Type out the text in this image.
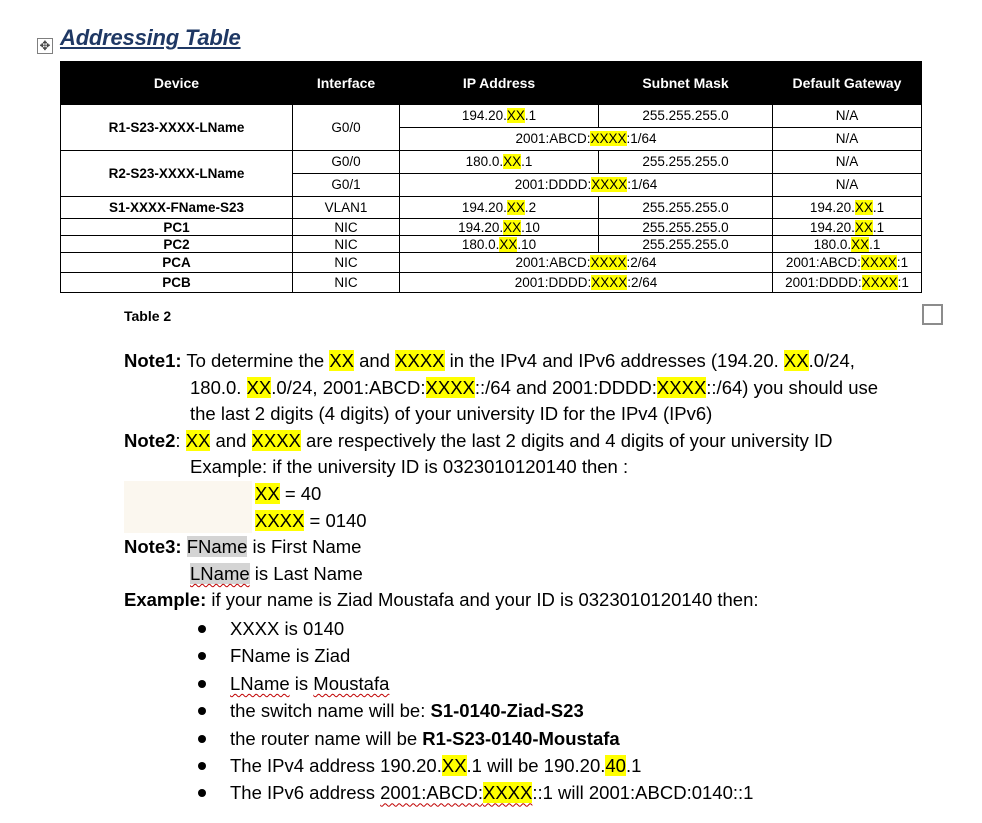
✥ Addressing Table
Device	Interface	IP Address	Subnet Mask	Default Gateway
R1-S23-XXXX-LName	G0/0	194.20.XX.1	255.255.255.0	N/A
		2001:ABCD:XXXX:1/64		N/A
R2-S23-XXXX-LName	G0/0	180.0.XX.1	255.255.255.0	N/A
	G0/1	2001:DDDD:XXXX:1/64		N/A
S1-XXXX-FName-S23	VLAN1	194.20.XX.2	255.255.255.0	194.20.XX.1
PC1	NIC	194.20.XX.10	255.255.255.0	194.20.XX.1
PC2	NIC	180.0.XX.10	255.255.255.0	180.0.XX.1
PCA	NIC	2001:ABCD:XXXX:2/64		2001:ABCD:XXXX:1
PCB	NIC	2001:DDDD:XXXX:2/64		2001:DDDD:XXXX:1
Table 2
Note1: To determine the XX and XXXX in the IPv4 and IPv6 addresses (194.20. XX.0/24,
180.0. XX.0/24, 2001:ABCD:XXXX::/64 and 2001:DDDD:XXXX::/64) you should use
the last 2 digits (4 digits) of your university ID for the IPv4 (IPv6)
Note2: XX and XXXX are respectively the last 2 digits and 4 digits of your university ID
Example: if the university ID is 0323010120140 then :
XX = 40
XXXX = 0140
Note3: FName is First Name
LName is Last Name
Example: if your name is Ziad Moustafa and your ID is 0323010120140 then:
XXXX is 0140
FName is Ziad
LName is Moustafa
the switch name will be: S1-0140-Ziad-S23
the router name will be R1-S23-0140-Moustafa
The IPv4 address 190.20.XX.1 will be 190.20.40.1
The IPv6 address 2001:ABCD:XXXX::1 will 2001:ABCD:0140::1
